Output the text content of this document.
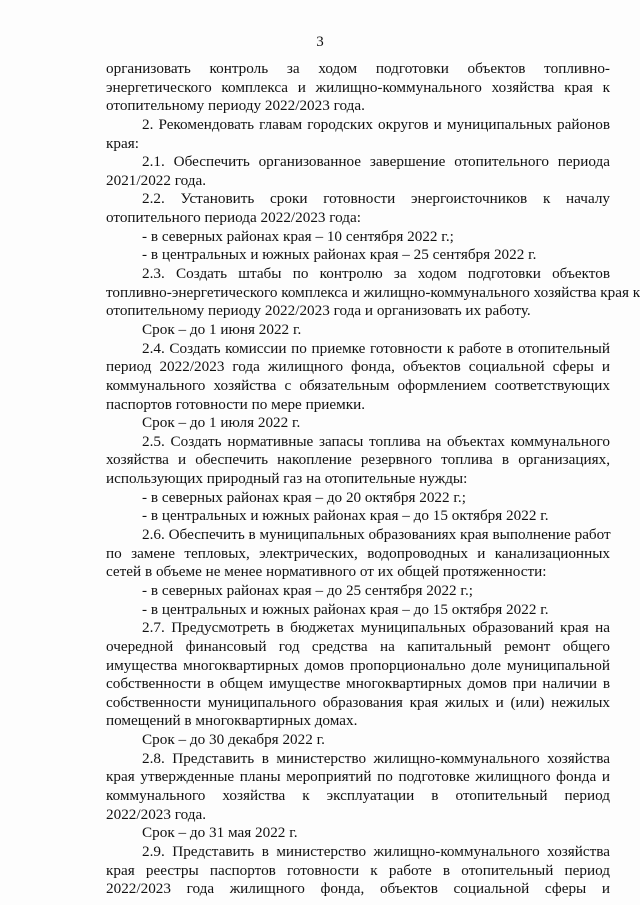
3
организовать контроль за ходом подготовки объектов топливно-
энергетического комплекса и жилищно-коммунального хозяйства края к
отопительному периоду 2022/2023 года.
2. Рекомендовать главам городских округов и муниципальных районов
края:
2.1. Обеспечить организованное завершение отопительного периода
2021/2022 года.
2.2. Установить сроки готовности энергоисточников к началу
отопительного периода 2022/2023 года:
- в северных районах края – 10 сентября 2022 г.;
- в центральных и южных районах края – 25 сентября 2022 г.
2.3. Создать штабы по контролю за ходом подготовки объектов
топливно-энергетического комплекса и жилищно-коммунального хозяйства края к
отопительному периоду 2022/2023 года и организовать их работу.
Срок – до 1 июня 2022 г.
2.4. Создать комиссии по приемке готовности к работе в отопительный
период 2022/2023 года жилищного фонда, объектов социальной сферы и
коммунального хозяйства с обязательным оформлением соответствующих
паспортов готовности по мере приемки.
Срок – до 1 июля 2022 г.
2.5. Создать нормативные запасы топлива на объектах коммунального
хозяйства и обеспечить накопление резервного топлива в организациях,
использующих природный газ на отопительные нужды:
- в северных районах края – до 20 октября 2022 г.;
- в центральных и южных районах края – до 15 октября 2022 г.
2.6. Обеспечить в муниципальных образованиях края выполнение работ
по замене тепловых, электрических, водопроводных и канализационных
сетей в объеме не менее нормативного от их общей протяженности:
- в северных районах края – до 25 сентября 2022 г.;
- в центральных и южных районах края – до 15 октября 2022 г.
2.7. Предусмотреть в бюджетах муниципальных образований края на
очередной финансовый год средства на капитальный ремонт общего
имущества многоквартирных домов пропорционально доле муниципальной
собственности в общем имуществе многоквартирных домов при наличии в
собственности муниципального образования края жилых и (или) нежилых
помещений в многоквартирных домах.
Срок – до 30 декабря 2022 г.
2.8. Представить в министерство жилищно-коммунального хозяйства
края утвержденные планы мероприятий по подготовке жилищного фонда и
коммунального хозяйства к эксплуатации в отопительный период
2022/2023 года.
Срок – до 31 мая 2022 г.
2.9. Представить в министерство жилищно-коммунального хозяйства
края реестры паспортов готовности к работе в отопительный период
2022/2023 года жилищного фонда, объектов социальной сферы и
